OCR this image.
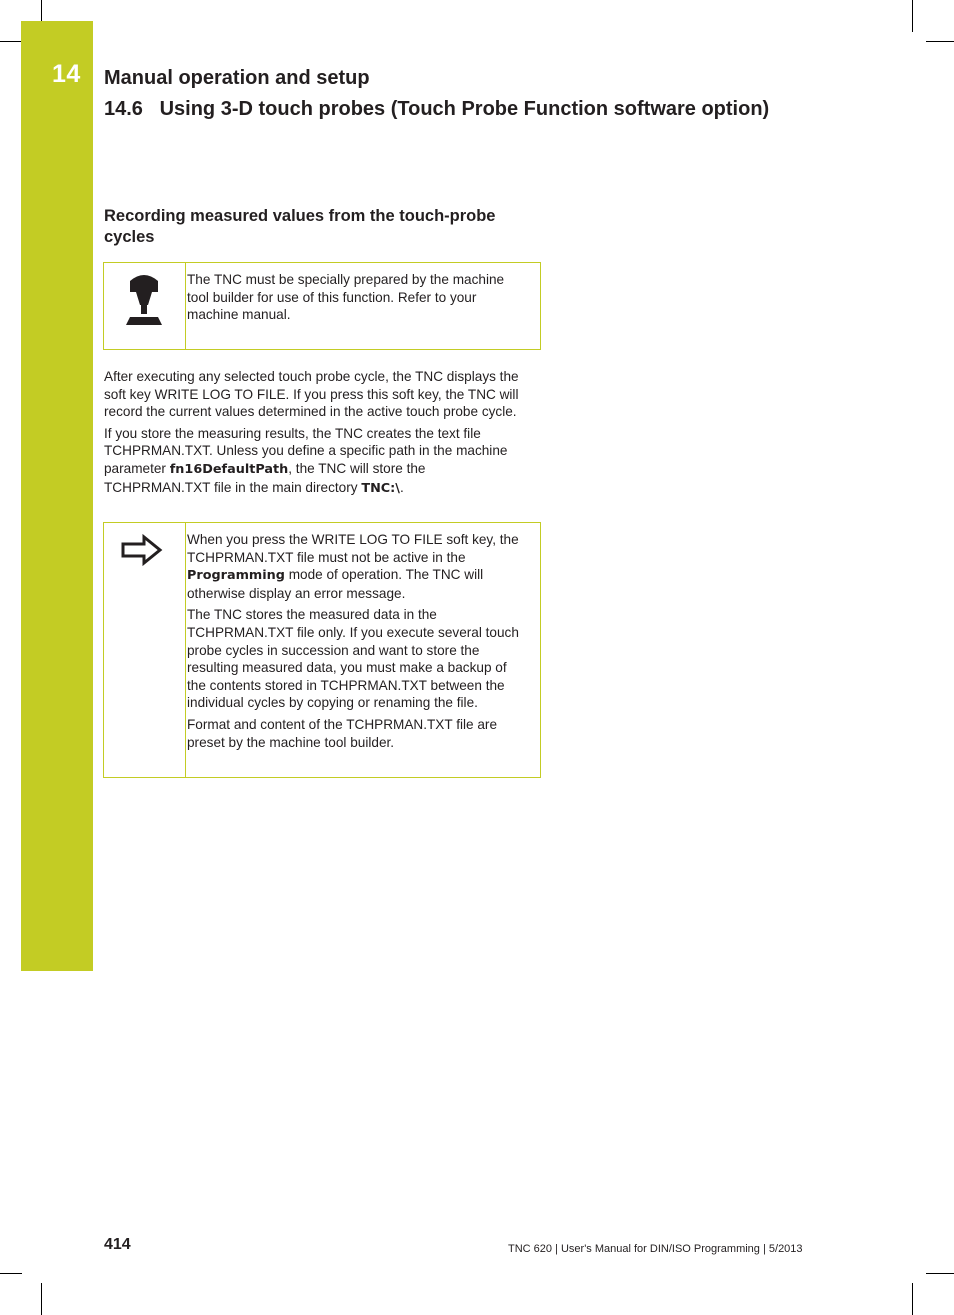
14 Manual operation and setup
14.6   Using 3-D touch probes (Touch Probe Function software option)
Recording measured values from the touch-probe cycles

The TNC must be specially prepared by the machine tool builder for use of this function. Refer to your machine manual.

After executing any selected touch probe cycle, the TNC displays the soft key WRITE LOG TO FILE. If you press this soft key, the TNC will record the current values determined in the active touch probe cycle.

If you store the measuring results, the TNC creates the text file TCHPRMAN.TXT. Unless you define a specific path in the machine parameter fn16DefaultPath, the TNC will store the TCHPRMAN.TXT file in the main directory TNC:\.

When you press the WRITE LOG TO FILE soft key, the TCHPRMAN.TXT file must not be active in the Programming mode of operation. The TNC will otherwise display an error message.

The TNC stores the measured data in the TCHPRMAN.TXT file only. If you execute several touch probe cycles in succession and want to store the resulting measured data, you must make a backup of the contents stored in TCHPRMAN.TXT between the individual cycles by copying or renaming the file.

Format and content of the TCHPRMAN.TXT file are preset by the machine tool builder.

414	TNC 620 | User's Manual for DIN/ISO Programming | 5/2013
